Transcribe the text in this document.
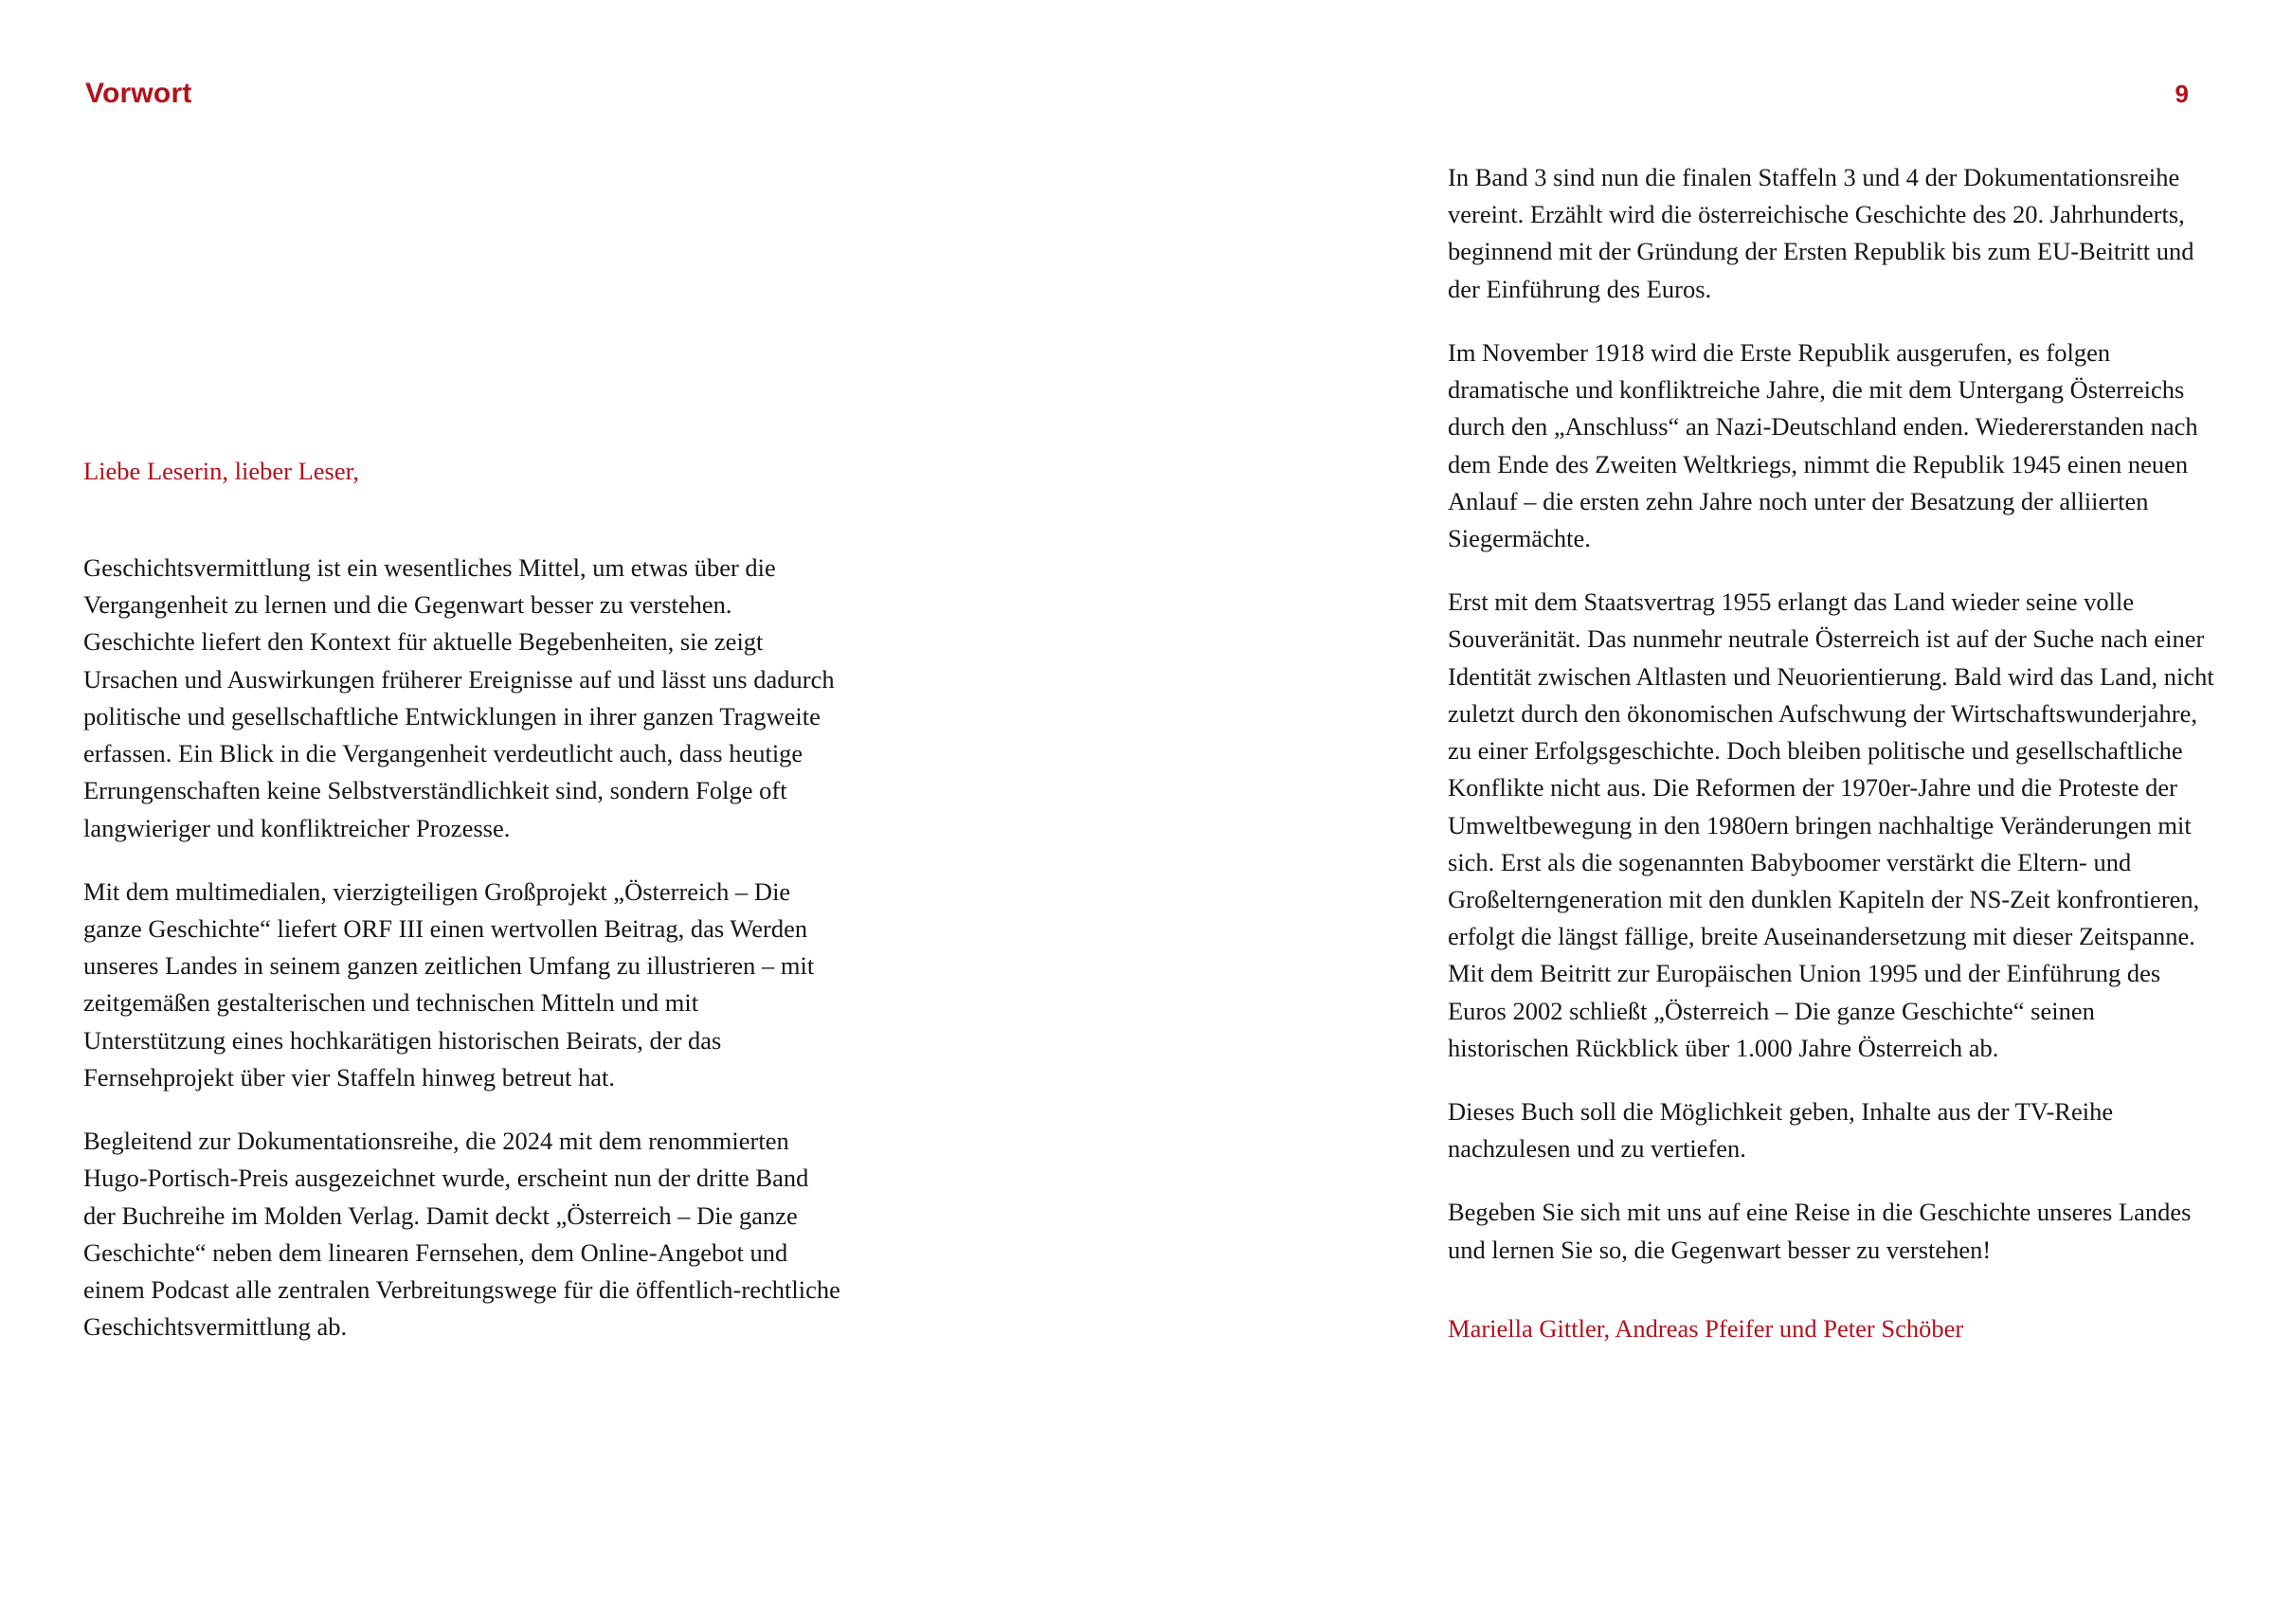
Vorwort	9
Liebe Leserin, lieber Leser,

Geschichtsvermittlung ist ein wesentliches Mittel, um etwas über die Vergangenheit zu lernen und die Gegenwart besser zu verstehen. Geschichte liefert den Kontext für aktuelle Begebenheiten, sie zeigt Ursachen und Auswirkungen früherer Ereignisse auf und lässt uns dadurch politische und gesellschaftliche Entwicklungen in ihrer ganzen Tragweite erfassen. Ein Blick in die Vergangenheit verdeutlicht auch, dass heutige Errungenschaften keine Selbstverständlichkeit sind, sondern Folge oft langwieriger und konfliktreicher Prozesse.

Mit dem multimedialen, vierzigteiligen Großprojekt „Österreich – Die ganze Geschichte“ liefert ORF III einen wertvollen Beitrag, das Werden unseres Landes in seinem ganzen zeitlichen Umfang zu illustrieren – mit zeitgemäßen gestalterischen und technischen Mitteln und mit Unterstützung eines hochkarätigen historischen Beirats, der das Fernsehprojekt über vier Staffeln hinweg betreut hat.

Begleitend zur Dokumentationsreihe, die 2024 mit dem renommierten Hugo-Portisch-Preis ausgezeichnet wurde, erscheint nun der dritte Band der Buchreihe im Molden Verlag. Damit deckt „Österreich – Die ganze Geschichte“ neben dem linearen Fernsehen, dem Online-Angebot und einem Podcast alle zentralen Verbreitungswege für die öffentlich-rechtliche Geschichtsvermittlung ab.

In Band 3 sind nun die finalen Staffeln 3 und 4 der Dokumentationsreihe vereint. Erzählt wird die österreichische Geschichte des 20. Jahrhunderts, beginnend mit der Gründung der Ersten Republik bis zum EU-Beitritt und der Einführung des Euros.

Im November 1918 wird die Erste Republik ausgerufen, es folgen dramatische und konfliktreiche Jahre, die mit dem Untergang Österreichs durch den „Anschluss“ an Nazi-Deutschland enden. Wiedererstanden nach dem Ende des Zweiten Weltkriegs, nimmt die Republik 1945 einen neuen Anlauf – die ersten zehn Jahre noch unter der Besatzung der alliierten Siegermächte.

Erst mit dem Staatsvertrag 1955 erlangt das Land wieder seine volle Souveränität. Das nunmehr neutrale Österreich ist auf der Suche nach einer Identität zwischen Altlasten und Neuorientierung. Bald wird das Land, nicht zuletzt durch den ökonomischen Aufschwung der Wirtschaftswunderjahre, zu einer Erfolgsgeschichte. Doch bleiben politische und gesellschaftliche Konflikte nicht aus. Die Reformen der 1970er-Jahre und die Proteste der Umweltbewegung in den 1980ern bringen nachhaltige Veränderungen mit sich. Erst als die sogenannten Babyboomer verstärkt die Eltern- und Großelterngeneration mit den dunklen Kapiteln der NS-Zeit konfrontieren, erfolgt die längst fällige, breite Auseinandersetzung mit dieser Zeitspanne. Mit dem Beitritt zur Europäischen Union 1995 und der Einführung des Euros 2002 schließt „Österreich – Die ganze Geschichte“ seinen historischen Rückblick über 1.000 Jahre Österreich ab.

Dieses Buch soll die Möglichkeit geben, Inhalte aus der TV-Reihe nachzulesen und zu vertiefen.

Begeben Sie sich mit uns auf eine Reise in die Geschichte unseres Landes und lernen Sie so, die Gegenwart besser zu verstehen!

Mariella Gittler, Andreas Pfeifer und Peter Schöber
